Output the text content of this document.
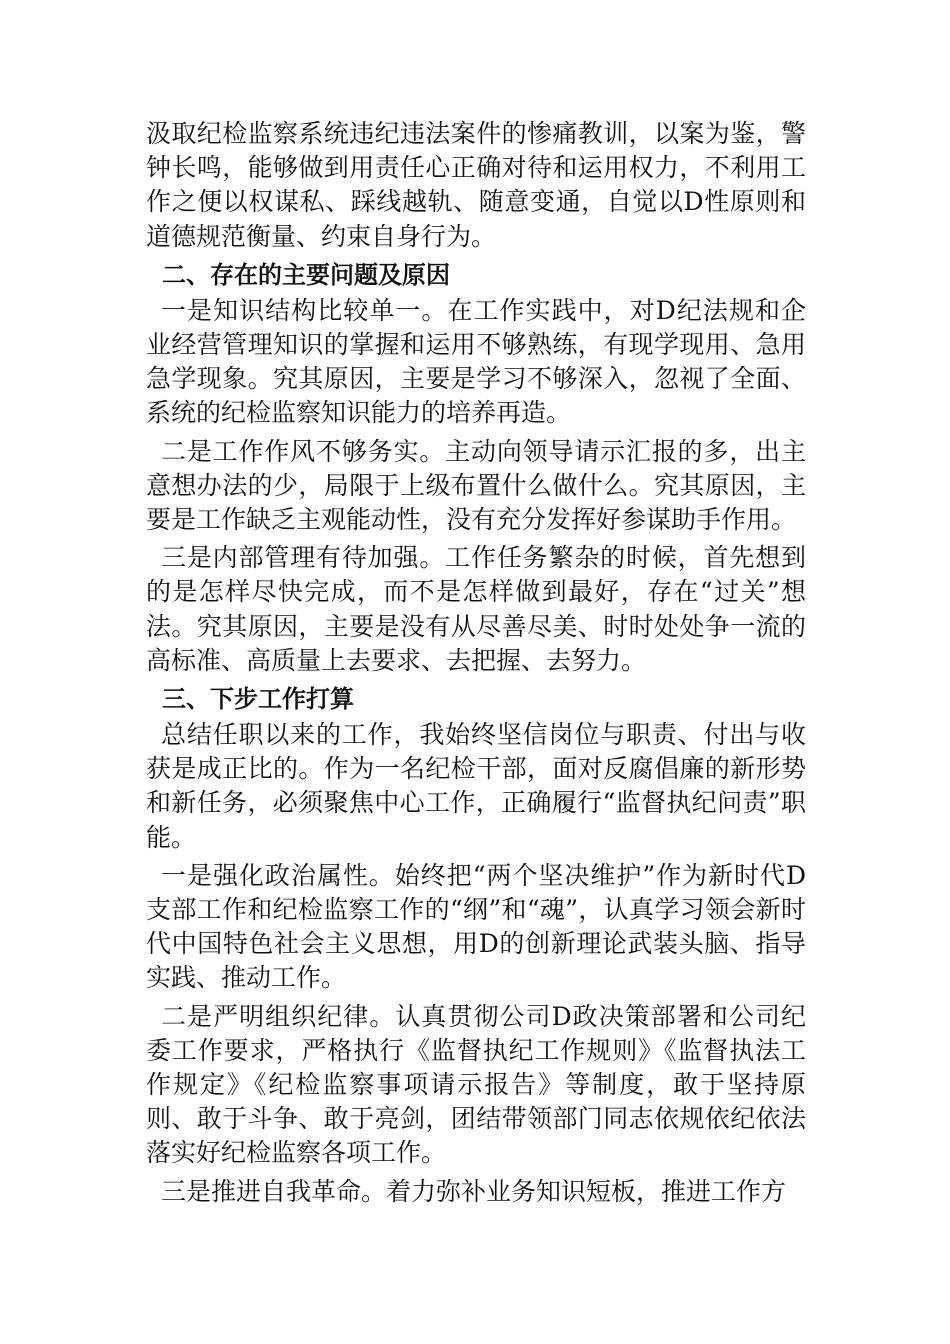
汲取纪检监察系统违纪违法案件的惨痛教训，以案为鉴，警钟长鸣，能够做到用责任心正确对待和运用权力，不利用工作之便以权谋私、踩线越轨、随意变通，自觉以D性原则和道德规范衡量、约束自身行为。

二、存在的主要问题及原因

一是知识结构比较单一。在工作实践中，对D纪法规和企业经营管理知识的掌握和运用不够熟练，有现学现用、急用急学现象。究其原因，主要是学习不够深入，忽视了全面、系统的纪检监察知识能力的培养再造。

二是工作作风不够务实。主动向领导请示汇报的多，出主意想办法的少，局限于上级布置什么做什么。究其原因，主要是工作缺乏主观能动性，没有充分发挥好参谋助手作用。

三是内部管理有待加强。工作任务繁杂的时候，首先想到的是怎样尽快完成，而不是怎样做到最好，存在“过关”想法。究其原因，主要是没有从尽善尽美、时时处处争一流的高标准、高质量上去要求、去把握、去努力。

三、下步工作打算

总结任职以来的工作，我始终坚信岗位与职责、付出与收获是成正比的。作为一名纪检干部，面对反腐倡廉的新形势和新任务，必须聚焦中心工作，正确履行“监督执纪问责”职能。

一是强化政治属性。始终把“两个坚决维护”作为新时代D支部工作和纪检监察工作的“纲”和“魂”，认真学习领会新时代中国特色社会主义思想，用D的创新理论武装头脑、指导实践、推动工作。

二是严明组织纪律。认真贯彻公司D政决策部署和公司纪委工作要求，严格执行《监督执纪工作规则》《监督执法工作规定》《纪检监察事项请示报告》等制度，敢于坚持原则、敢于斗争、敢于亮剑，团结带领部门同志依规依纪依法落实好纪检监察各项工作。

三是推进自我革命。着力弥补业务知识短板，推进工作方
